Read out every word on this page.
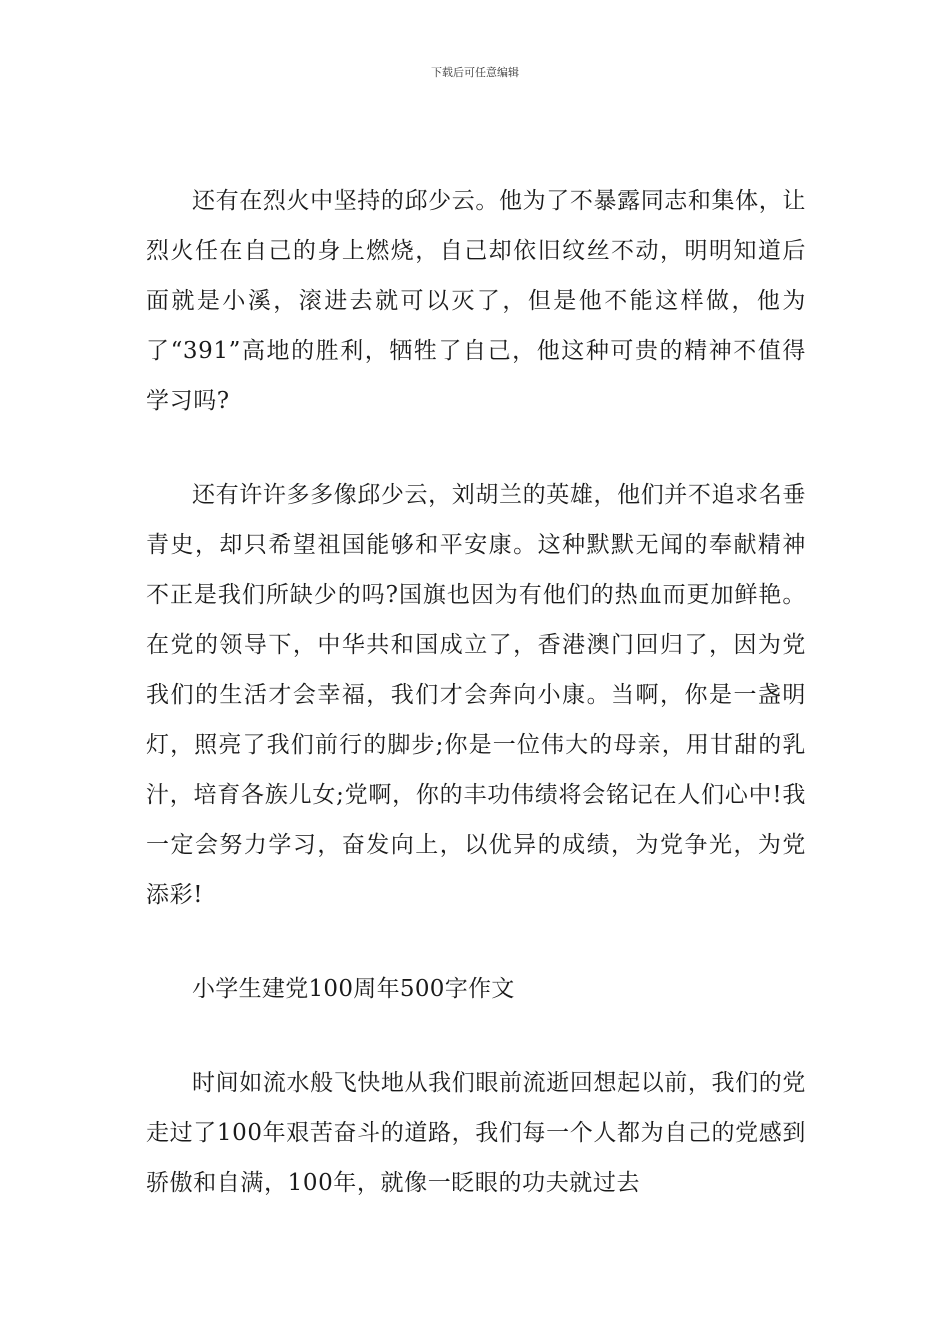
下载后可任意编辑

还有在烈火中坚持的邱少云。他为了不暴露同志和集体，让烈火任在自己的身上燃烧，自己却依旧纹丝不动，明明知道后面就是小溪，滚进去就可以灭了，但是他不能这样做，他为了“391”高地的胜利，牺牲了自己，他这种可贵的精神不值得学习吗?

还有许许多多像邱少云，刘胡兰的英雄，他们并不追求名垂青史，却只希望祖国能够和平安康。这种默默无闻的奉献精神不正是我们所缺少的吗?国旗也因为有他们的热血而更加鲜艳。在党的领导下，中华共和国成立了，香港澳门回归了，因为党我们的生活才会幸福，我们才会奔向小康。当啊，你是一盏明灯，照亮了我们前行的脚步;你是一位伟大的母亲，用甘甜的乳汁，培育各族儿女;党啊，你的丰功伟绩将会铭记在人们心中!我一定会努力学习，奋发向上，以优异的成绩，为党争光，为党添彩!

小学生建党100周年500字作文

时间如流水般飞快地从我们眼前流逝回想起以前，我们的党走过了100年艰苦奋斗的道路，我们每一个人都为自己的党感到骄傲和自满，100年，就像一眨眼的功夫就过去
